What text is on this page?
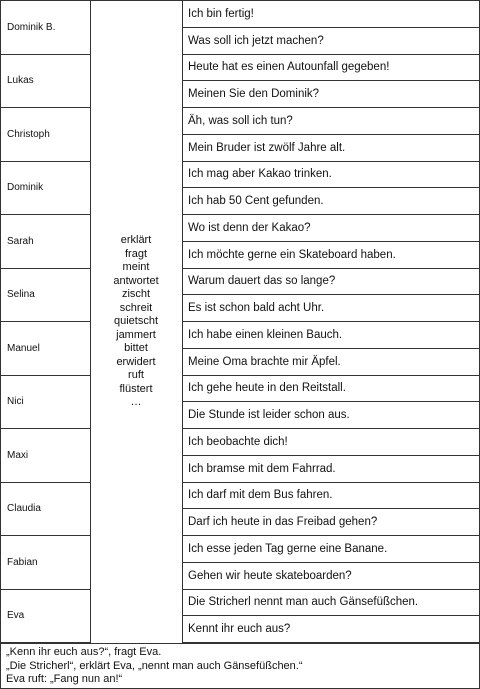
Dominik B.
Lukas
Christoph
Dominik
Sarah
Selina
Manuel
Nici
Maxi
Claudia
Fabian
Eva
erklärt
fragt
meint
antwortet
zischt
schreit
quietscht
jammert
bittet
erwidert
ruft
flüstert
…
Ich bin fertig!
Was soll ich jetzt machen?
Heute hat es einen Autounfall gegeben!
Meinen Sie den Dominik?
Äh, was soll ich tun?
Mein Bruder ist zwölf Jahre alt.
Ich mag aber Kakao trinken.
Ich hab 50 Cent gefunden.
Wo ist denn der Kakao?
Ich möchte gerne ein Skateboard haben.
Warum dauert das so lange?
Es ist schon bald acht Uhr.
Ich habe einen kleinen Bauch.
Meine Oma brachte mir Äpfel.
Ich gehe heute in den Reitstall.
Die Stunde ist leider schon aus.
Ich beobachte dich!
Ich bramse mit dem Fahrrad.
Ich darf mit dem Bus fahren.
Darf ich heute in das Freibad gehen?
Ich esse jeden Tag gerne eine Banane.
Gehen wir heute skateboarden?
Die Stricherl nennt man auch Gänsefüßchen.
Kennt ihr euch aus?
„Kenn ihr euch aus?“, fragt Eva.
„Die Stricherl“, erklärt Eva, „nennt man auch Gänsefüßchen.“
Eva ruft: „Fang nun an!“
